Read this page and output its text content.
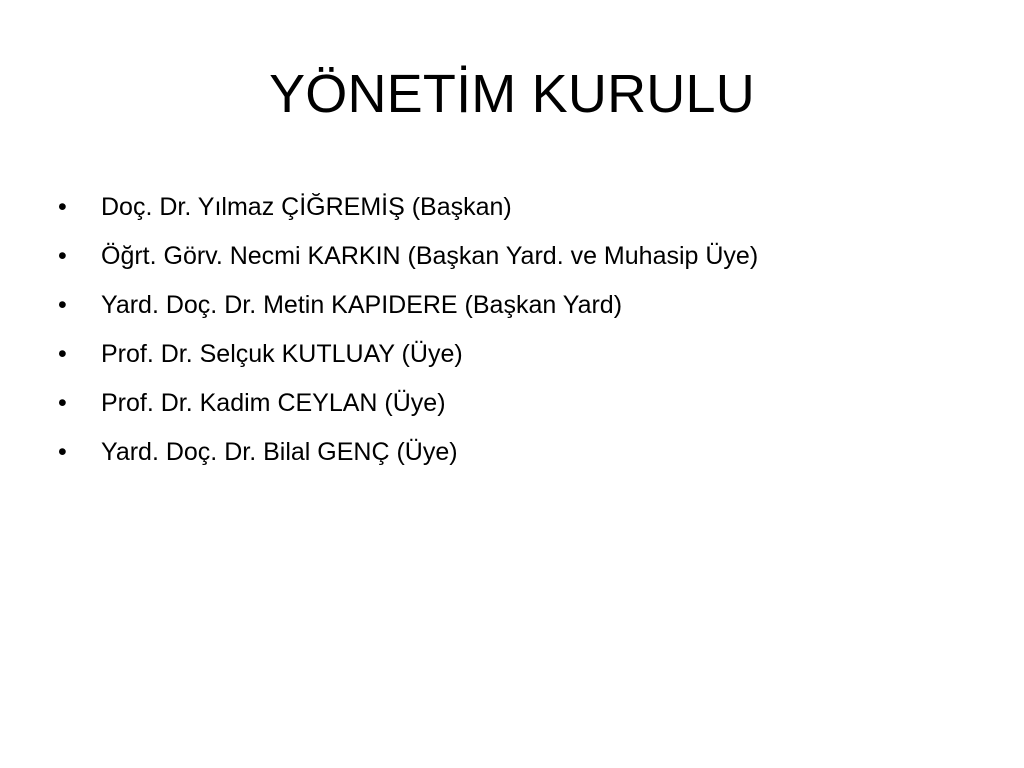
YÖNETİM KURULU
•	Doç. Dr. Yılmaz ÇİĞREMİŞ (Başkan)
•	Öğrt. Görv. Necmi KARKIN (Başkan Yard. ve Muhasip Üye)
•	Yard. Doç. Dr. Metin KAPIDERE (Başkan Yard)
•	Prof. Dr. Selçuk KUTLUAY (Üye)
•	Prof. Dr. Kadim CEYLAN (Üye)
•	Yard. Doç. Dr. Bilal GENÇ (Üye)
